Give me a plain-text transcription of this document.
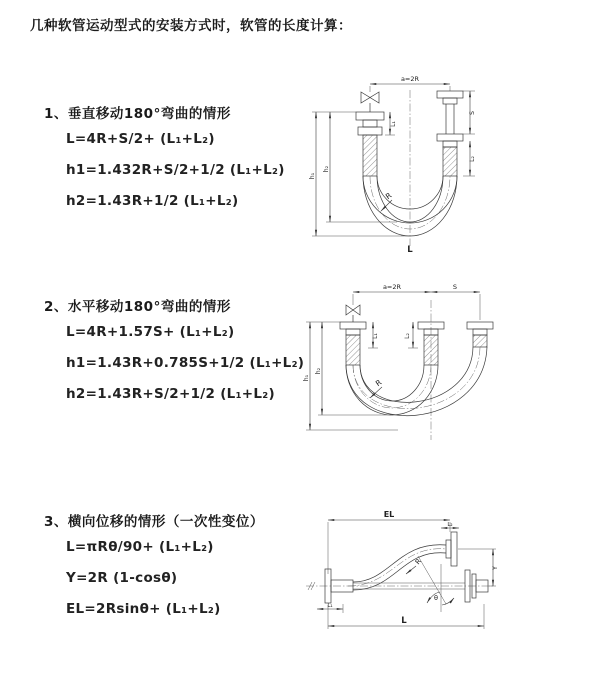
几种软管运动型式的安装方式时，软管的长度计算：
1、垂直移动180°弯曲的情形
L=4R+S/2+ (L₁+L₂)
h1=1.432R+S/2+1/2 (L₁+L₂)
h2=1.43R+1/2 (L₁+L₂)
2、水平移动180°弯曲的情形
L=4R+1.57S+ (L₁+L₂)
h1=1.43R+0.785S+1/2 (L₁+L₂)
h2=1.43R+S/2+1/2 (L₁+L₂)
3、横向位移的情形（一次性变位）
L=πRθ/90+ (L₁+L₂)
Y=2R (1-cosθ)
EL=2Rsinθ+ (L₁+L₂)
a=2R
h₁
h₂
L₁
S
L₂
R
L
a=2R	S
h₁
h₂
L₁	L₂
R
EL
L₂
Y
R
θ
L
L₁
